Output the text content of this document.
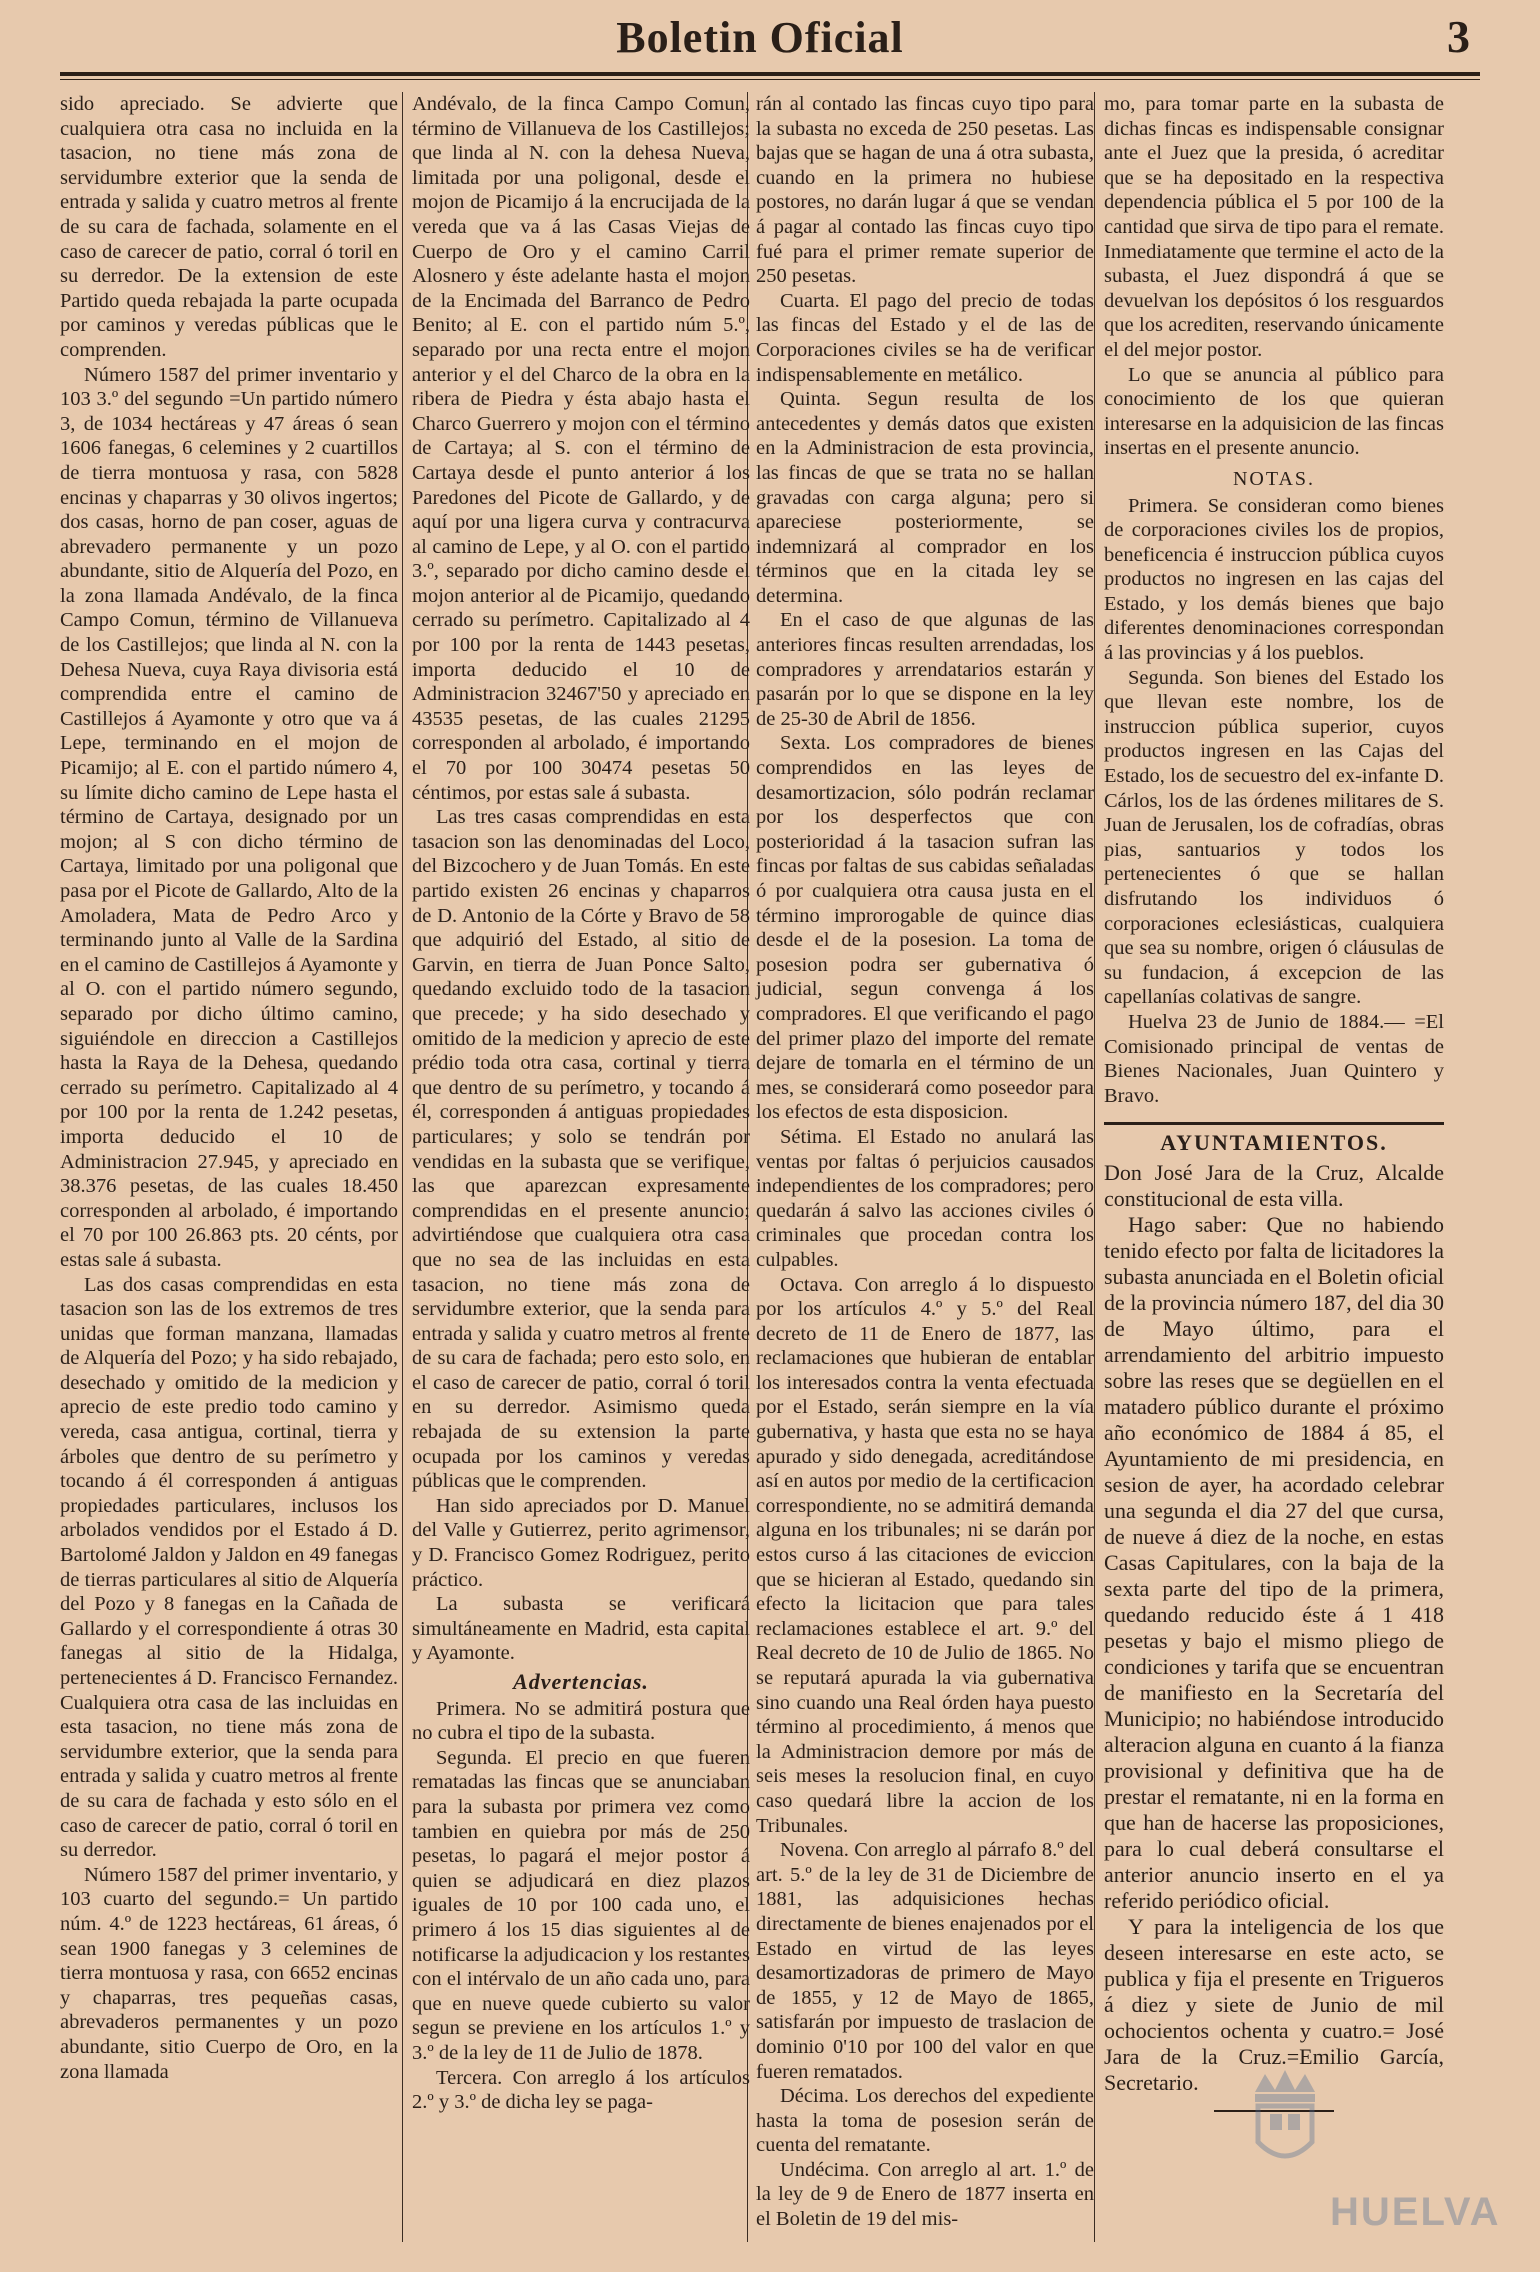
Boletin Oficial	3

sido apreciado. Se advierte que cualquiera otra casa no incluida en la tasacion, no tiene más zona de servidumbre exterior que la senda de entrada y salida y cuatro metros al frente de su cara de fachada, solamente en el caso de carecer de patio, corral ó toril en su derredor. De la extension de este Partido queda rebajada la parte ocupada por caminos y veredas públicas que le comprenden.

Número 1587 del primer inventario y 103 3.º del segundo =Un partido número 3, de 1034 hectáreas y 47 áreas ó sean 1606 fanegas, 6 celemines y 2 cuartillos de tierra montuosa y rasa, con 5828 encinas y chaparras y 30 olivos ingertos; dos casas, horno de pan coser, aguas de abrevadero permanente y un pozo abundante, sitio de Alquería del Pozo, en la zona llamada Andévalo, de la finca Campo Comun, término de Villanueva de los Castillejos; que linda al N. con la Dehesa Nueva, cuya Raya divisoria está comprendida entre el camino de Castillejos á Ayamonte y otro que va á Lepe, terminando en el mojon de Picamijo; al E. con el partido número 4, su límite dicho camino de Lepe hasta el término de Cartaya, designado por un mojon; al S con dicho término de Cartaya, limitado por una poligonal que pasa por el Picote de Gallardo, Alto de la Amoladera, Mata de Pedro Arco y terminando junto al Valle de la Sardina en el camino de Castillejos á Ayamonte y al O. con el partido número segundo, separado por dicho último camino, siguiéndole en direccion a Castillejos hasta la Raya de la Dehesa, quedando cerrado su perímetro. Capitalizado al 4 por 100 por la renta de 1.242 pesetas, importa deducido el 10 de Administracion 27.945, y apreciado en 38.376 pesetas, de las cuales 18.450 corresponden al arbolado, é importando el 70 por 100 26.863 pts. 20 cénts, por estas sale á subasta.

Las dos casas comprendidas en esta tasacion son las de los extremos de tres unidas que forman manzana, llamadas de Alquería del Pozo; y ha sido rebajado, desechado y omitido de la medicion y aprecio de este predio todo camino y vereda, casa antigua, cortinal, tierra y árboles que dentro de su perímetro y tocando á él corresponden á antiguas propiedades particulares, inclusos los arbolados vendidos por el Estado á D. Bartolomé Jaldon y Jaldon en 49 fanegas de tierras particulares al sitio de Alquería del Pozo y 8 fanegas en la Cañada de Gallardo y el correspondiente á otras 30 fanegas al sitio de la Hidalga, pertenecientes á D. Francisco Fernandez. Cualquiera otra casa de las incluidas en esta tasacion, no tiene más zona de servidumbre exterior, que la senda para entrada y salida y cuatro metros al frente de su cara de fachada y esto sólo en el caso de carecer de patio, corral ó toril en su derredor.

Número 1587 del primer inventario, y 103 cuarto del segundo.= Un partido núm. 4.º de 1223 hectáreas, 61 áreas, ó sean 1900 fanegas y 3 celemines de tierra montuosa y rasa, con 6652 encinas y chaparras, tres pequeñas casas, abrevaderos permanentes y un pozo abundante, sitio Cuerpo de Oro, en la zona llamada

Andévalo, de la finca Campo Comun, término de Villanueva de los Castillejos; que linda al N. con la dehesa Nueva, limitada por una poligonal, desde el mojon de Picamijo á la encrucijada de la vereda que va á las Casas Viejas de Cuerpo de Oro y el camino Carril Alosnero y éste adelante hasta el mojon de la Encimada del Barranco de Pedro Benito; al E. con el partido núm 5.º, separado por una recta entre el mojon anterior y el del Charco de la obra en la ribera de Piedra y ésta abajo hasta el Charco Guerrero y mojon con el término de Cartaya; al S. con el término de Cartaya desde el punto anterior á los Paredones del Picote de Gallardo, y de aquí por una ligera curva y contracurva al camino de Lepe, y al O. con el partido 3.º, separado por dicho camino desde el mojon anterior al de Picamijo, quedando cerrado su perímetro. Capitalizado al 4 por 100 por la renta de 1443 pesetas, importa deducido el 10 de Administracion 32467'50 y apreciado en 43535 pesetas, de las cuales 21295 corresponden al arbolado, é importando el 70 por 100 30474 pesetas 50 céntimos, por estas sale á subasta.

Las tres casas comprendidas en esta tasacion son las denominadas del Loco, del Bizcochero y de Juan Tomás. En este partido existen 26 encinas y chaparros de D. Antonio de la Córte y Bravo de 58 que adquirió del Estado, al sitio de Garvin, en tierra de Juan Ponce Salto, quedando excluido todo de la tasacion que precede; y ha sido desechado y omitido de la medicion y aprecio de este prédio toda otra casa, cortinal y tierra que dentro de su perímetro, y tocando á él, corresponden á antiguas propiedades particulares; y solo se tendrán por vendidas en la subasta que se verifique, las que aparezcan expresamente comprendidas en el presente anuncio; advirtiéndose que cualquiera otra casa que no sea de las incluidas en esta tasacion, no tiene más zona de servidumbre exterior, que la senda para entrada y salida y cuatro metros al frente de su cara de fachada; pero esto solo, en el caso de carecer de patio, corral ó toril en su derredor. Asimismo queda rebajada de su extension la parte ocupada por los caminos y veredas públicas que le comprenden.

Han sido apreciados por D. Manuel del Valle y Gutierrez, perito agrimensor, y D. Francisco Gomez Rodriguez, perito práctico.

La subasta se verificará simultáneamente en Madrid, esta capital y Ayamonte.

Advertencias.

Primera. No se admitirá postura que no cubra el tipo de la subasta.

Segunda. El precio en que fueren rematadas las fincas que se anunciaban para la subasta por primera vez como tambien en quiebra por más de 250 pesetas, lo pagará el mejor postor á quien se adjudicará en diez plazos iguales de 10 por 100 cada uno, el primero á los 15 dias siguientes al de notificarse la adjudicacion y los restantes con el intérvalo de un año cada uno, para que en nueve quede cubierto su valor segun se previene en los artículos 1.º y 3.º de la ley de 11 de Julio de 1878.

Tercera. Con arreglo á los artículos 2.º y 3.º de dicha ley se paga-

rán al contado las fincas cuyo tipo para la subasta no exceda de 250 pesetas. Las bajas que se hagan de una á otra subasta, cuando en la primera no hubiese postores, no darán lugar á que se vendan á pagar al contado las fincas cuyo tipo fué para el primer remate superior de 250 pesetas.

Cuarta. El pago del precio de todas las fincas del Estado y el de las de Corporaciones civiles se ha de verificar indispensablemente en metálico.

Quinta. Segun resulta de los antecedentes y demás datos que existen en la Administracion de esta provincia, las fincas de que se trata no se hallan gravadas con carga alguna; pero si apareciese posteriormente, se indemnizará al comprador en los términos que en la citada ley se determina.

En el caso de que algunas de las anteriores fincas resulten arrendadas, los compradores y arrendatarios estarán y pasarán por lo que se dispone en la ley de 25-30 de Abril de 1856.

Sexta. Los compradores de bienes comprendidos en las leyes de desamortizacion, sólo podrán reclamar por los desperfectos que con posterioridad á la tasacion sufran las fincas por faltas de sus cabidas señaladas ó por cualquiera otra causa justa en el término improrogable de quince dias desde el de la posesion. La toma de posesion podra ser gubernativa ó judicial, segun convenga á los compradores. El que verificando el pago del primer plazo del importe del remate dejare de tomarla en el término de un mes, se considerará como poseedor para los efectos de esta disposicion.

Sétima. El Estado no anulará las ventas por faltas ó perjuicios causados independientes de los compradores; pero quedarán á salvo las acciones civiles ó criminales que procedan contra los culpables.

Octava. Con arreglo á lo dispuesto por los artículos 4.º y 5.º del Real decreto de 11 de Enero de 1877, las reclamaciones que hubieran de entablar los interesados contra la venta efectuada por el Estado, serán siempre en la vía gubernativa, y hasta que esta no se haya apurado y sido denegada, acreditándose así en autos por medio de la certificacion correspondiente, no se admitirá demanda alguna en los tribunales; ni se darán por estos curso á las citaciones de eviccion que se hicieran al Estado, quedando sin efecto la licitacion que para tales reclamaciones establece el art. 9.º del Real decreto de 10 de Julio de 1865. No se reputará apurada la via gubernativa sino cuando una Real órden haya puesto término al procedimiento, á menos que la Administracion demore por más de seis meses la resolucion final, en cuyo caso quedará libre la accion de los Tribunales.

Novena. Con arreglo al párrafo 8.º del art. 5.º de la ley de 31 de Diciembre de 1881, las adquisiciones hechas directamente de bienes enajenados por el Estado en virtud de las leyes desamortizadoras de primero de Mayo de 1855, y 12 de Mayo de 1865, satisfarán por impuesto de traslacion de dominio 0'10 por 100 del valor en que fueren rematados.

Décima. Los derechos del expediente hasta la toma de posesion serán de cuenta del rematante.

Undécima. Con arreglo al art. 1.º de la ley de 9 de Enero de 1877 inserta en el Boletin de 19 del mis-

mo, para tomar parte en la subasta de dichas fincas es indispensable consignar ante el Juez que la presida, ó acreditar que se ha depositado en la respectiva dependencia pública el 5 por 100 de la cantidad que sirva de tipo para el remate. Inmediatamente que termine el acto de la subasta, el Juez dispondrá á que se devuelvan los depósitos ó los resguardos que los acrediten, reservando únicamente el del mejor postor.

Lo que se anuncia al público para conocimiento de los que quieran interesarse en la adquisicion de las fincas insertas en el presente anuncio.

NOTAS.

Primera. Se consideran como bienes de corporaciones civiles los de propios, beneficencia é instruccion pública cuyos productos no ingresen en las cajas del Estado, y los demás bienes que bajo diferentes denominaciones correspondan á las provincias y á los pueblos.

Segunda. Son bienes del Estado los que llevan este nombre, los de instruccion pública superior, cuyos productos ingresen en las Cajas del Estado, los de secuestro del ex-infante D. Cárlos, los de las órdenes militares de S. Juan de Jerusalen, los de cofradías, obras pias, santuarios y todos los pertenecientes ó que se hallan disfrutando los individuos ó corporaciones eclesiásticas, cualquiera que sea su nombre, origen ó cláusulas de su fundacion, á excepcion de las capellanías colativas de sangre.

Huelva 23 de Junio de 1884.— =El Comisionado principal de ventas de Bienes Nacionales, Juan Quintero y Bravo.

AYUNTAMIENTOS.

Don José Jara de la Cruz, Alcalde constitucional de esta villa.

Hago saber: Que no habiendo tenido efecto por falta de licitadores la subasta anunciada en el Boletin oficial de la provincia número 187, del dia 30 de Mayo último, para el arrendamiento del arbitrio impuesto sobre las reses que se degüellen en el matadero público durante el próximo año económico de 1884 á 85, el Ayuntamiento de mi presidencia, en sesion de ayer, ha acordado celebrar una segunda el dia 27 del que cursa, de nueve á diez de la noche, en estas Casas Capitulares, con la baja de la sexta parte del tipo de la primera, quedando reducido éste á 1 418 pesetas y bajo el mismo pliego de condiciones y tarifa que se encuentran de manifiesto en la Secretaría del Municipio; no habiéndose introducido alteracion alguna en cuanto á la fianza provisional y definitiva que ha de prestar el rematante, ni en la forma en que han de hacerse las proposiciones, para lo cual deberá consultarse el anterior anuncio inserto en el ya referido periódico oficial.

Y para la inteligencia de los que deseen interesarse en este acto, se publica y fija el presente en Trigueros á diez y siete de Junio de mil ochocientos ochenta y cuatro.= José Jara de la Cruz.=Emilio García, Secretario.

HUELVA
